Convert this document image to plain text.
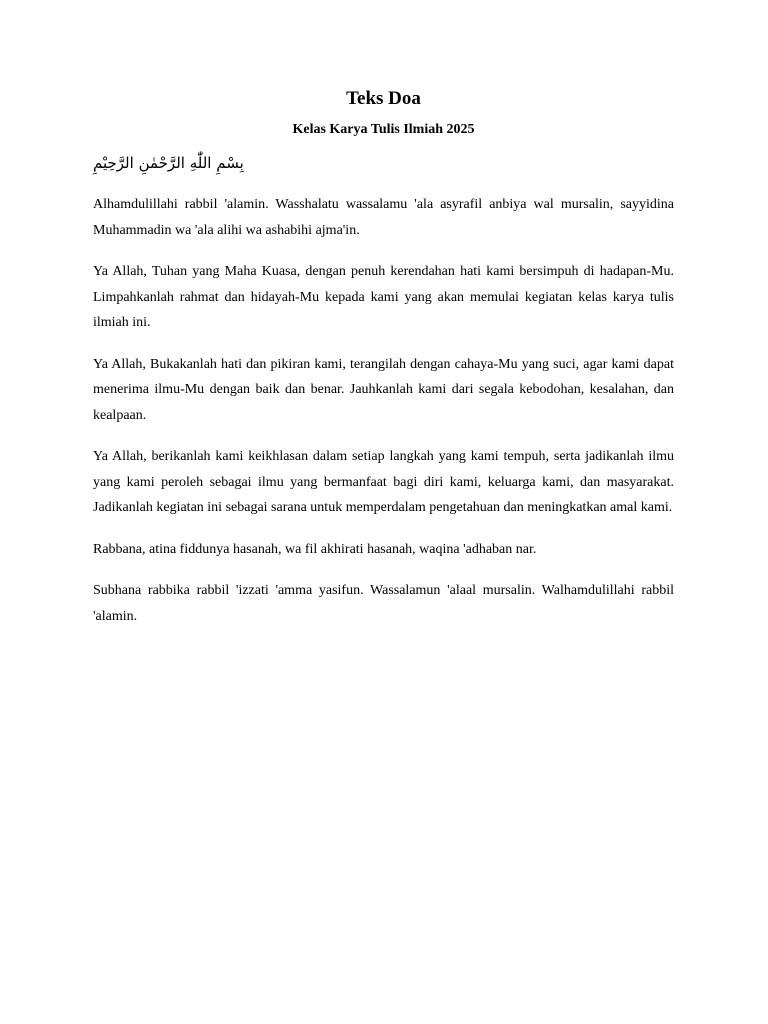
Teks Doa
Kelas Karya Tulis Ilmiah 2025

بِسْمِ اللّٰهِ الرَّحْمٰنِ الرَّحِيْمِ

Alhamdulillahi rabbil 'alamin. Wasshalatu wassalamu 'ala asyrafil anbiya wal mursalin, sayyidina Muhammadin wa 'ala alihi wa ashabihi ajma'in.

Ya Allah, Tuhan yang Maha Kuasa, dengan penuh kerendahan hati kami bersimpuh di hadapan-Mu. Limpahkanlah rahmat dan hidayah-Mu kepada kami yang akan memulai kegiatan kelas karya tulis ilmiah ini.

Ya Allah, Bukakanlah hati dan pikiran kami, terangilah dengan cahaya-Mu yang suci, agar kami dapat menerima ilmu-Mu dengan baik dan benar. Jauhkanlah kami dari segala kebodohan, kesalahan, dan kealpaan.

Ya Allah, berikanlah kami keikhlasan dalam setiap langkah yang kami tempuh, serta jadikanlah ilmu yang kami peroleh sebagai ilmu yang bermanfaat bagi diri kami, keluarga kami, dan masyarakat. Jadikanlah kegiatan ini sebagai sarana untuk memperdalam pengetahuan dan meningkatkan amal kami.

Rabbana, atina fiddunya hasanah, wa fil akhirati hasanah, waqina 'adhaban nar.

Subhana rabbika rabbil 'izzati 'amma yasifun. Wassalamun 'alaal mursalin. Walhamdulillahi rabbil 'alamin.
